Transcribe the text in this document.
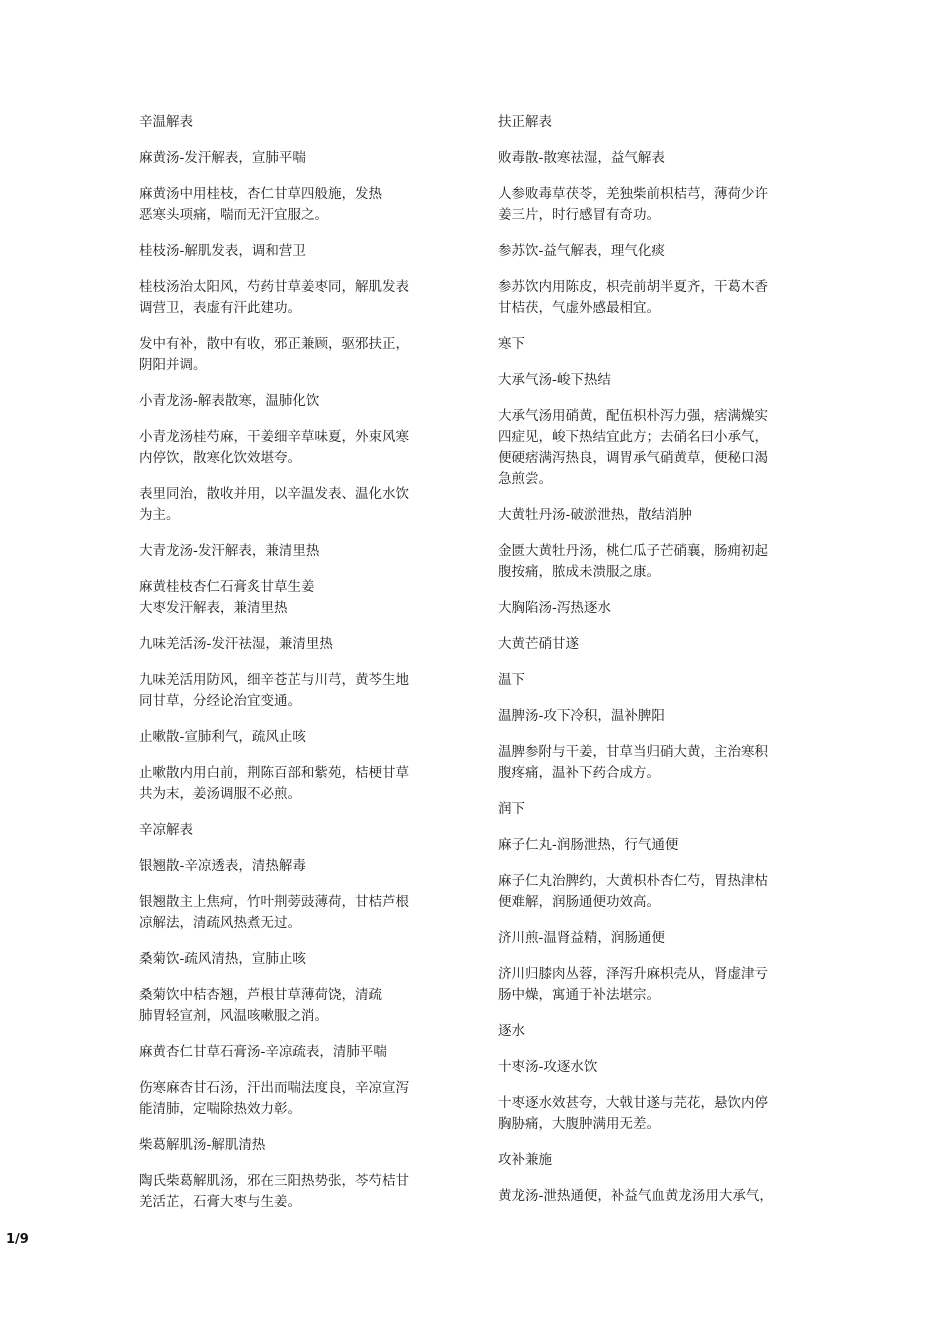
辛温解表

麻黄汤-发汗解表，宣肺平喘

麻黄汤中用桂枝，杏仁甘草四般施，发热
恶寒头项痛，喘而无汗宜服之。

桂枝汤-解肌发表，调和营卫

桂枝汤治太阳风，芍药甘草姜枣同，解肌发表
调营卫，表虚有汗此建功。

发中有补，散中有收，邪正兼顾，驱邪扶正，
阴阳并调。

小青龙汤-解表散寒，温肺化饮

小青龙汤桂芍麻，干姜细辛草味夏，外束风寒
内停饮，散寒化饮效堪夸。

表里同治，散收并用，以辛温发表、温化水饮
为主。

大青龙汤-发汗解表，兼清里热

麻黄桂枝杏仁石膏炙甘草生姜
大枣发汗解表，兼清里热

九味羌活汤-发汗祛湿，兼清里热

九味羌活用防风，细辛苍芷与川芎，黄芩生地
同甘草，分经论治宜变通。

止嗽散-宣肺利气，疏风止咳

止嗽散内用白前，荆陈百部和紫苑，桔梗甘草
共为末，姜汤调服不必煎。

辛凉解表

银翘散-辛凉透表，清热解毒

银翘散主上焦疴，竹叶荆蒡豉薄荷，甘桔芦根
凉解法，清疏风热煮无过。

桑菊饮-疏风清热，宣肺止咳

桑菊饮中桔杏翘，芦根甘草薄荷饶，清疏
肺胃轻宣剂，风温咳嗽服之消。

麻黄杏仁甘草石膏汤-辛凉疏表，清肺平喘

伤寒麻杏甘石汤，汗出而喘法度良，辛凉宣泻
能清肺，定喘除热效力彰。

柴葛解肌汤-解肌清热

陶氏柴葛解肌汤，邪在三阳热势张，芩芍桔甘
羌活芷，石膏大枣与生姜。

扶正解表

败毒散-散寒祛湿，益气解表

人参败毒草茯苓，羌独柴前枳桔芎，薄荷少许
姜三片，时行感冒有奇功。

参苏饮-益气解表，理气化痰

参苏饮内用陈皮，枳壳前胡半夏齐，干葛木香
甘桔茯，气虚外感最相宜。

寒下

大承气汤-峻下热结

大承气汤用硝黄，配伍枳朴泻力强，痞满燥实
四症见，峻下热结宜此方；去硝名曰小承气，
便硬痞满泻热良，调胃承气硝黄草，便秘口渴
急煎尝。

大黄牡丹汤-破淤泄热，散结消肿

金匮大黄牡丹汤，桃仁瓜子芒硝襄，肠痈初起
腹按痛，脓成未溃服之康。

大胸陷汤-泻热逐水

大黄芒硝甘遂

温下

温脾汤-攻下冷积，温补脾阳

温脾参附与干姜，甘草当归硝大黄，主治寒积
腹疼痛，温补下药合成方。

润下

麻子仁丸-润肠泄热，行气通便

麻子仁丸治脾约，大黄枳朴杏仁芍，胃热津枯
便难解，润肠通便功效高。

济川煎-温肾益精，润肠通便

济川归膝肉丛蓉，泽泻升麻枳壳从，肾虚津亏
肠中燥，寓通于补法堪宗。

逐水

十枣汤-攻逐水饮

十枣逐水效甚夸，大戟甘遂与芫花，悬饮内停
胸胁痛，大腹肿满用无差。

攻补兼施

黄龙汤-泄热通便，补益气血黄龙汤用大承气，

1/9
